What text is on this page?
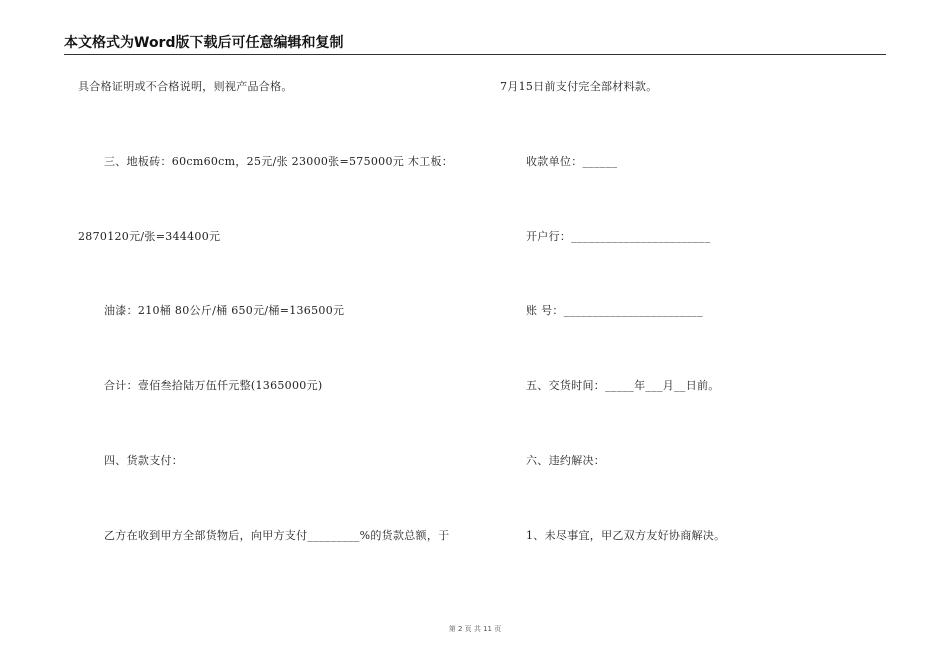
本文格式为Word版下载后可任意编辑和复制
具合格证明或不合格说明，则视产品合格。
三、地板砖：60cm60cm，25元/张 23000张=575000元 木工板：
2870120元/张=344400元
油漆：210桶 80公斤/桶 650元/桶=136500元
合计：壹佰叁拾陆万伍仟元整(1365000元)
四、货款支付：
乙方在收到甲方全部货物后，向甲方支付_________%的货款总额，于
7月15日前支付完全部材料款。
收款单位：______
开户行：________________________
账 号：________________________
五、交货时间：_____年___月__日前。
六、违约解决：
1、未尽事宜，甲乙双方友好协商解决。
第 2 页 共 11 页
